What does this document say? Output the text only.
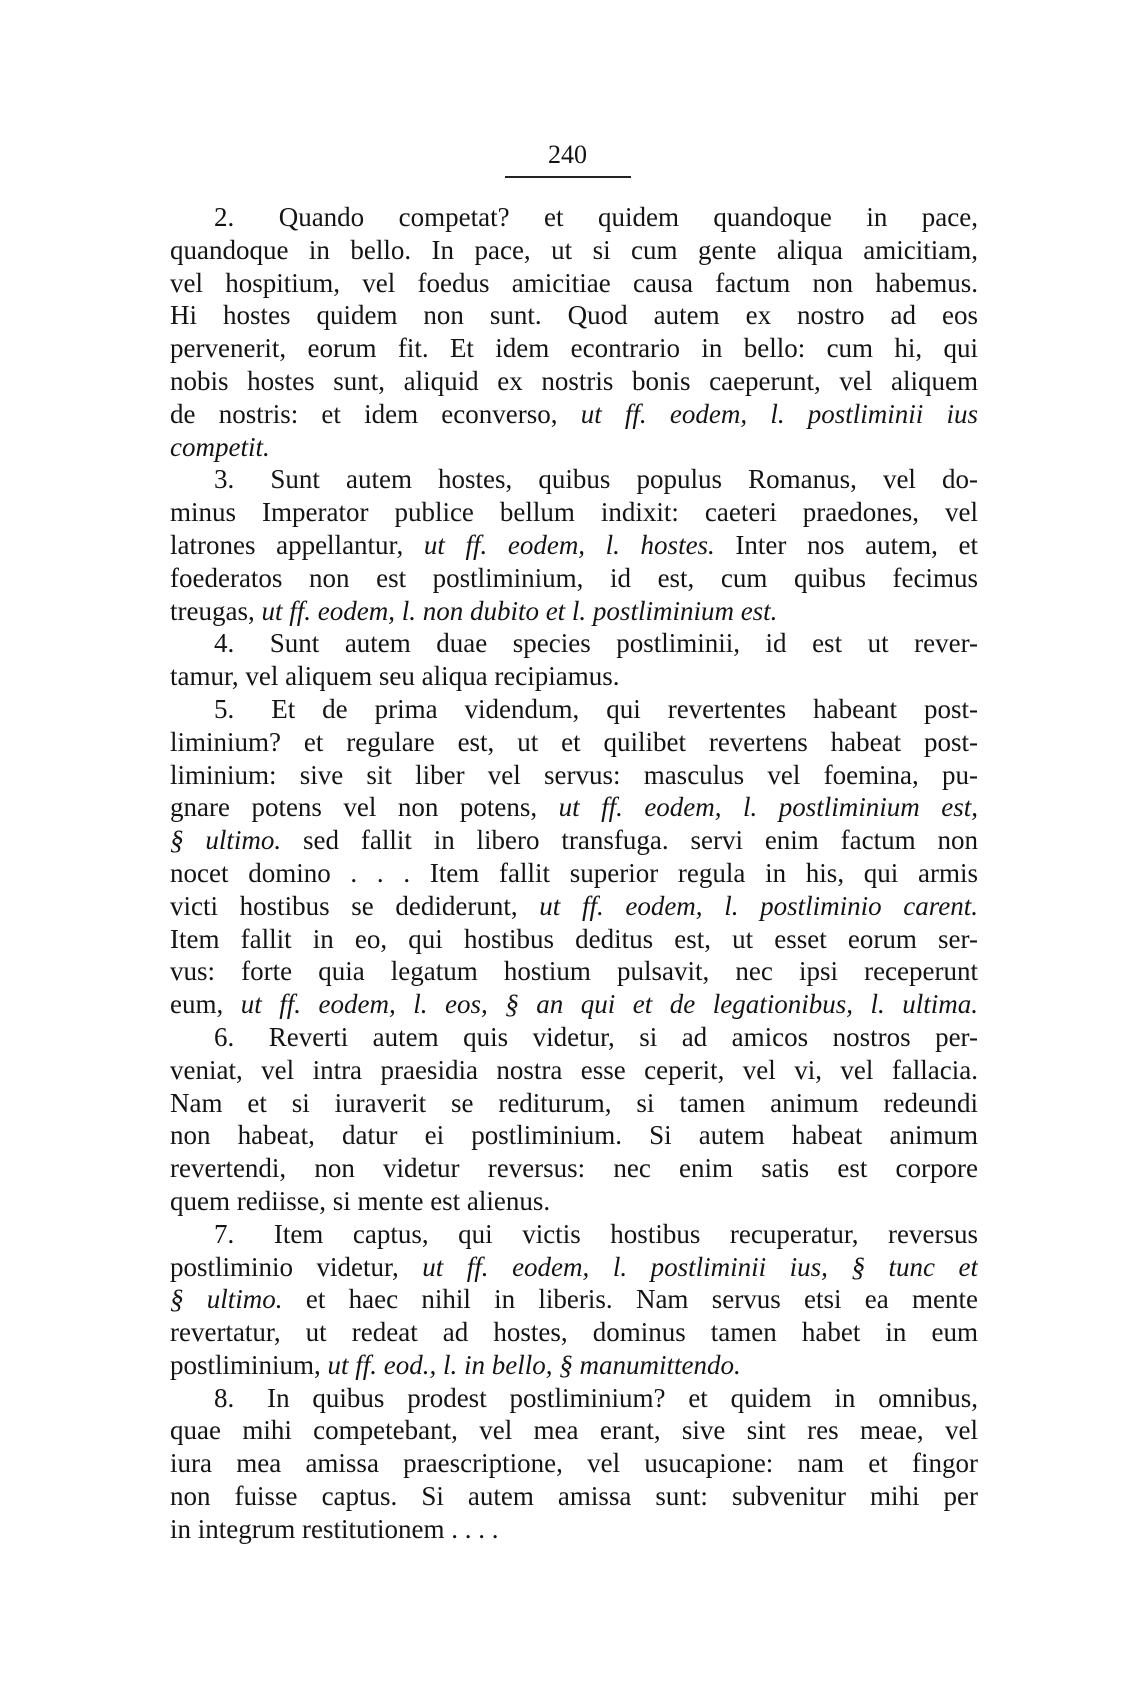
240
2. Quando competat? et quidem quandoque in pace,
quandoque in bello. In pace, ut si cum gente aliqua amicitiam,
vel hospitium, vel foedus amicitiae causa factum non habemus.
Hi hostes quidem non sunt. Quod autem ex nostro ad eos
pervenerit, eorum fit. Et idem econtrario in bello: cum hi, qui
nobis hostes sunt, aliquid ex nostris bonis caeperunt, vel aliquem
de nostris: et idem econverso, ut ff. eodem, l. postliminii ius
competit.
3. Sunt autem hostes, quibus populus Romanus, vel do-
minus Imperator publice bellum indixit: caeteri praedones, vel
latrones appellantur, ut ff. eodem, l. hostes. Inter nos autem, et
foederatos non est postliminium, id est, cum quibus fecimus
treugas, ut ff. eodem, l. non dubito et l. postliminium est.
4. Sunt autem duae species postliminii, id est ut rever-
tamur, vel aliquem seu aliqua recipiamus.
5. Et de prima videndum, qui revertentes habeant post-
liminium? et regulare est, ut et quilibet revertens habeat post-
liminium: sive sit liber vel servus: masculus vel foemina, pu-
gnare potens vel non potens, ut ff. eodem, l. postliminium est,
§ ultimo. sed fallit in libero transfuga. servi enim factum non
nocet domino . . . Item fallit superior regula in his, qui armis
victi hostibus se dediderunt, ut ff. eodem, l. postliminio carent.
Item fallit in eo, qui hostibus deditus est, ut esset eorum ser-
vus: forte quia legatum hostium pulsavit, nec ipsi receperunt
eum, ut ff. eodem, l. eos, § an qui et de legationibus, l. ultima.
6. Reverti autem quis videtur, si ad amicos nostros per-
veniat, vel intra praesidia nostra esse ceperit, vel vi, vel fallacia.
Nam et si iuraverit se rediturum, si tamen animum redeundi
non habeat, datur ei postliminium. Si autem habeat animum
revertendi, non videtur reversus: nec enim satis est corpore
quem rediisse, si mente est alienus.
7. Item captus, qui victis hostibus recuperatur, reversus
postliminio videtur, ut ff. eodem, l. postliminii ius, § tunc et
§ ultimo. et haec nihil in liberis. Nam servus etsi ea mente
revertatur, ut redeat ad hostes, dominus tamen habet in eum
postliminium, ut ff. eod., l. in bello, § manumittendo.
8. In quibus prodest postliminium? et quidem in omnibus,
quae mihi competebant, vel mea erant, sive sint res meae, vel
iura mea amissa praescriptione, vel usucapione: nam et fingor
non fuisse captus. Si autem amissa sunt: subvenitur mihi per
in integrum restitutionem . . . .
